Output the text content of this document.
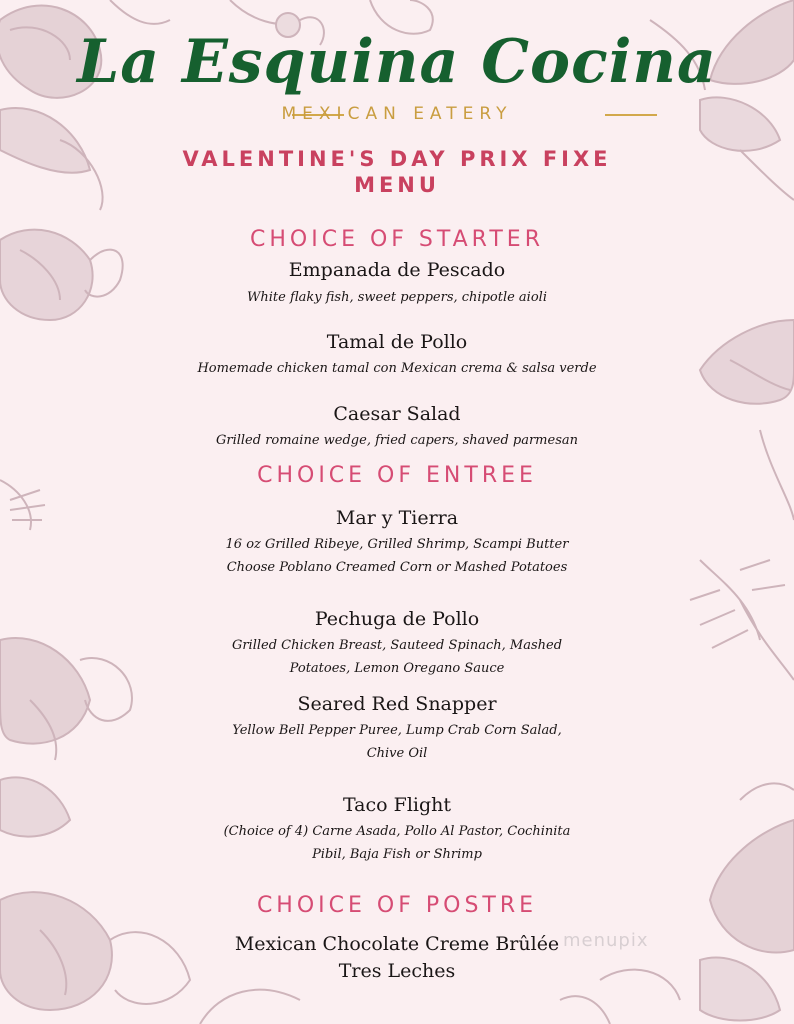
La Esquina Cocina
MEXICAN EATERY
VALENTINE'S DAY PRIX FIXE
MENU
CHOICE OF STARTER
Empanada de Pescado
White flaky fish, sweet peppers, chipotle aioli
Tamal de Pollo
Homemade chicken tamal con Mexican crema & salsa verde
Caesar Salad
Grilled romaine wedge, fried capers, shaved parmesan
CHOICE OF ENTREE
Mar y Tierra
16 oz Grilled Ribeye, Grilled Shrimp, Scampi Butter
Choose Poblano Creamed Corn or Mashed Potatoes
Pechuga de Pollo
Grilled Chicken Breast, Sauteed Spinach, Mashed
Potatoes, Lemon Oregano Sauce
Seared Red Snapper
Yellow Bell Pepper Puree, Lump Crab Corn Salad,
Chive Oil
Taco Flight
(Choice of 4) Carne Asada, Pollo Al Pastor, Cochinita
Pibil, Baja Fish or Shrimp
CHOICE OF POSTRE
Mexican Chocolate Creme Brûlée
Tres Leches
menupix
